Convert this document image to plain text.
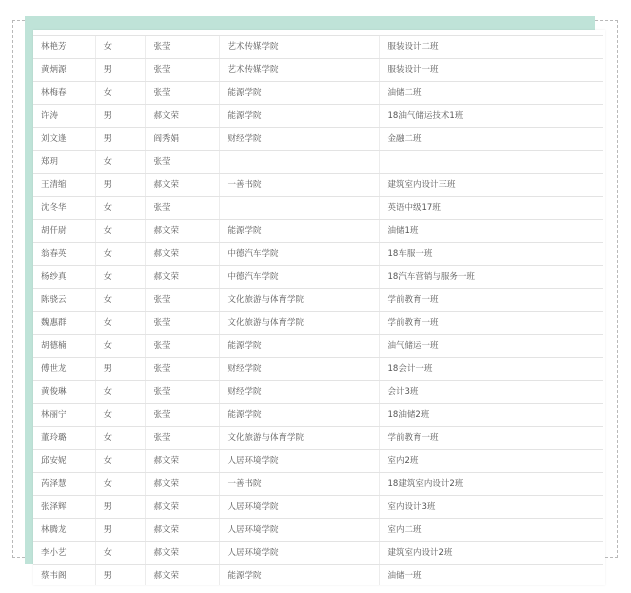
林艳芳	女	张莹	艺术传媒学院	服装设计二班
黄炳源	男	张莹	艺术传媒学院	服装设计一班
林梅春	女	张莹	能源学院	油储二班
许涛	男	郝文荣	能源学院	18油气储运技术1班
刘文逢	男	阎秀娟	财经学院	金融二班
郑玥	女	张莹		
王清缩	男	郝文荣	一善书院	建筑室内设计三班
沈冬华	女	张莹		英语中级17班
胡仟尉	女	郝文荣	能源学院	油储1班
翁春英	女	郝文荣	中德汽车学院	18车服一班
杨纱真	女	郝文荣	中德汽车学院	18汽车营销与服务一班
陈骁云	女	张莹	文化旅游与体育学院	学前教育一班
魏惠群	女	张莹	文化旅游与体育学院	学前教育一班
胡德楠	女	张莹	能源学院	油气储运一班
傅世龙	男	张莹	财经学院	18会计一班
黄俊琳	女	张莹	财经学院	会计3班
林丽宁	女	张莹	能源学院	18油储2班
董玲璐	女	张莹	文化旅游与体育学院	学前教育一班
邱安妮	女	郝文荣	人居环境学院	室内2班
芮泽慧	女	郝文荣	一善书院	18建筑室内设计2班
张泽辉	男	郝文荣	人居环境学院	室内设计3班
林腾龙	男	郝文荣	人居环境学院	室内二班
李小艺	女	郝文荣	人居环境学院	建筑室内设计2班
蔡韦阁	男	郝文荣	能源学院	油储一班
